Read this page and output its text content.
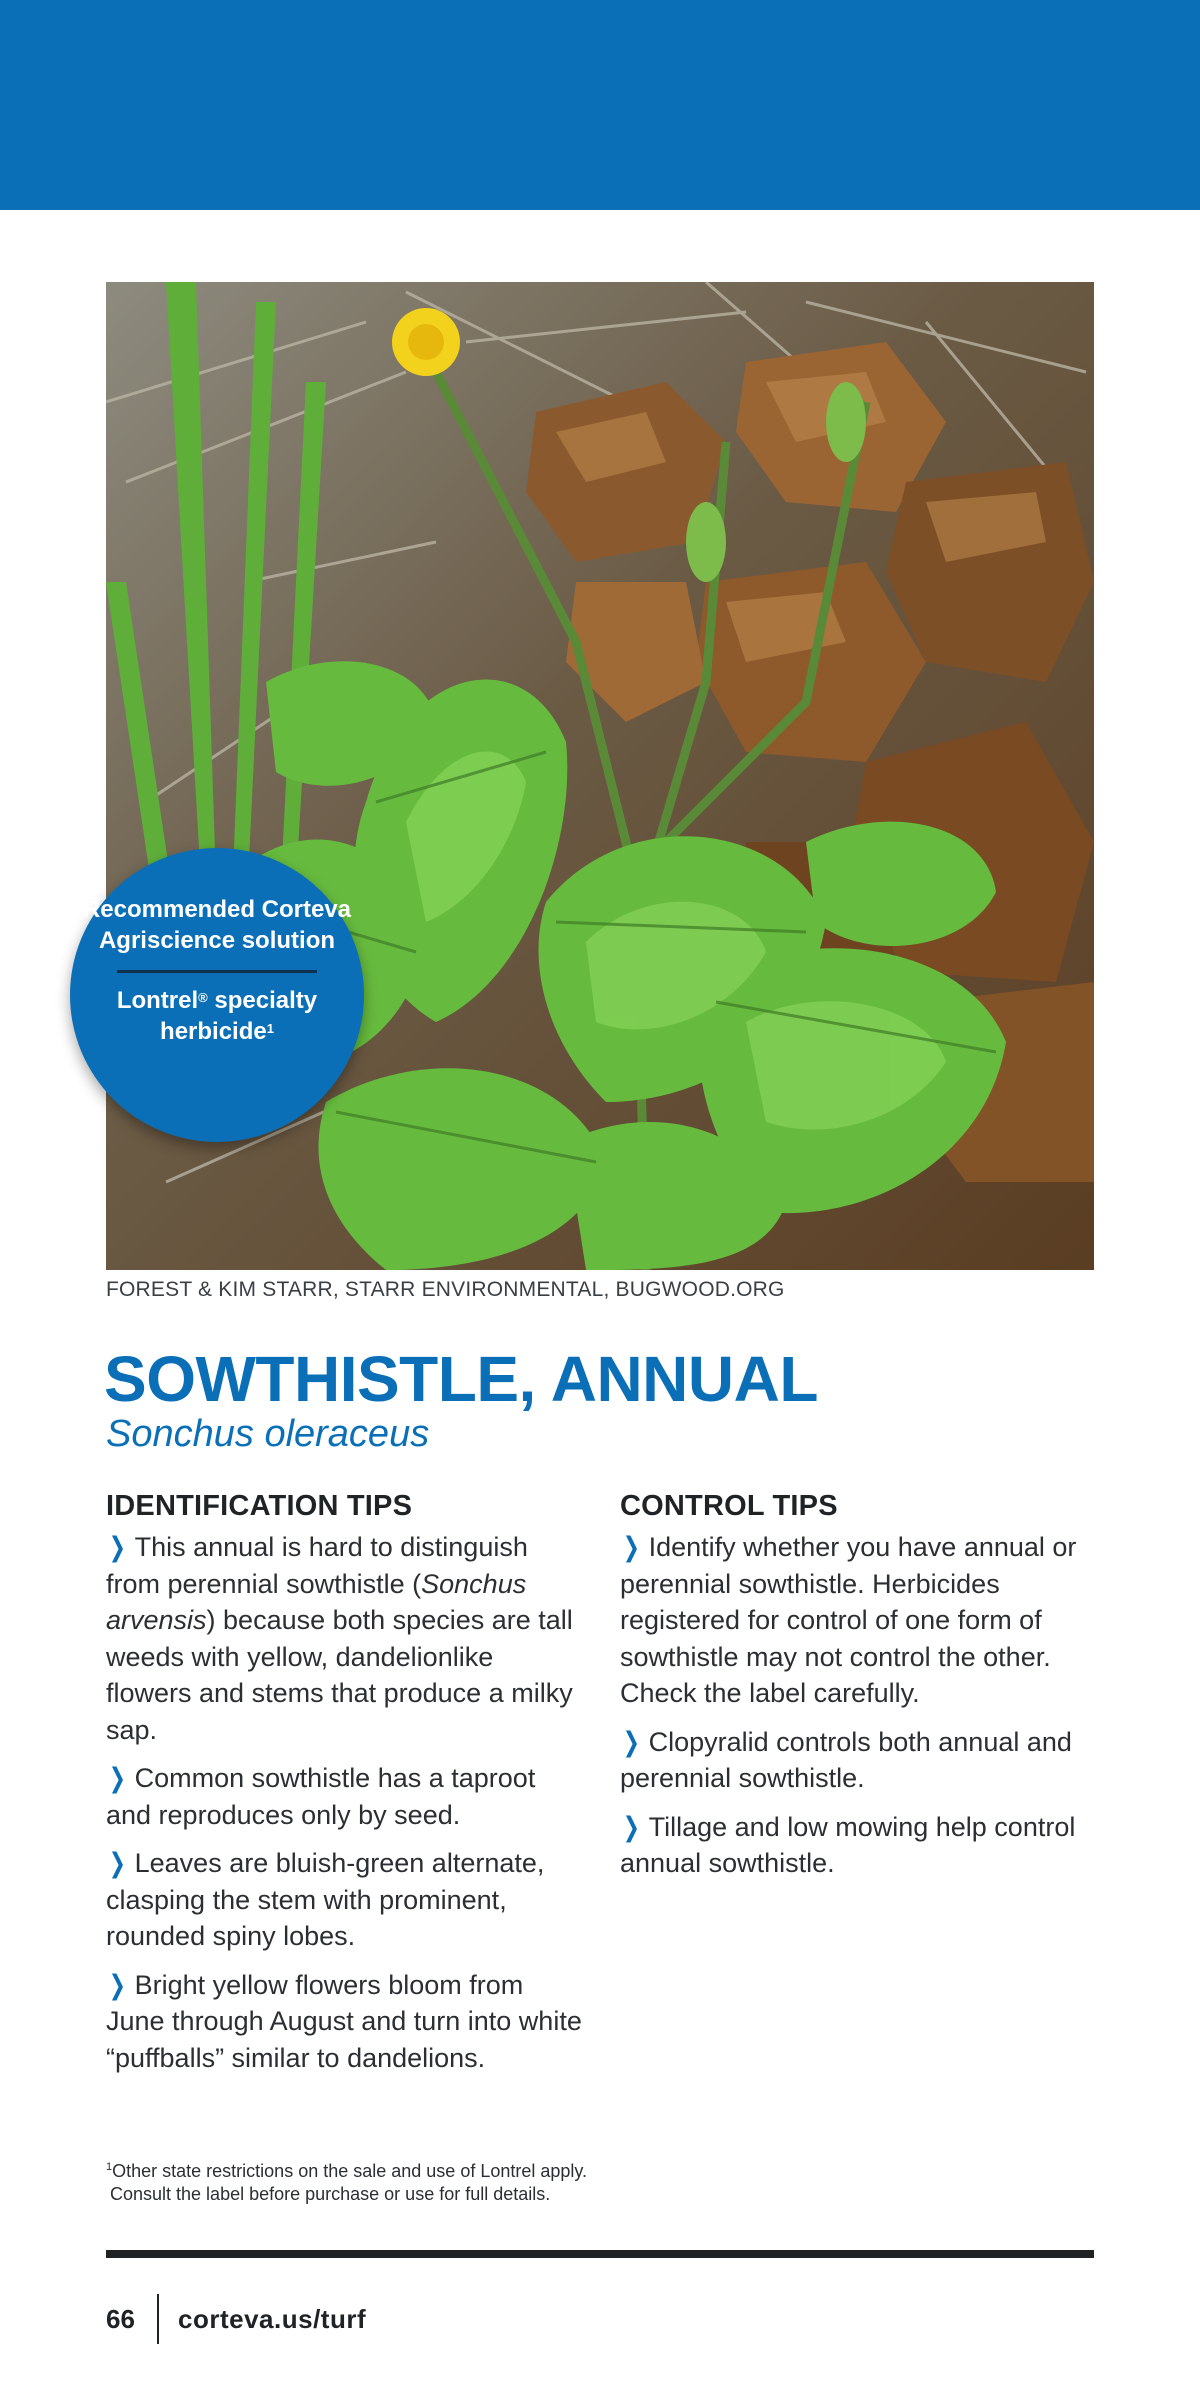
Recommended Corteva Agriscience solution
Lontrel® specialty herbicide$^1$
FOREST & KIM STARR, STARR ENVIRONMENTAL, BUGWOOD.ORG
SOWTHISTLE, ANNUAL
Sonchus oleraceus
IDENTIFICATION TIPS

❯ This annual is hard to distinguish from perennial sowthistle (Sonchus arvensis) because both species are tall weeds with yellow, dandelionlike flowers and stems that produce a milky sap.

❯ Common sowthistle has a taproot and reproduces only by seed.

❯ Leaves are bluish-green alternate, clasping the stem with prominent, rounded spiny lobes.

❯ Bright yellow flowers bloom from June through August and turn into white “puffballs” similar to dandelions.

CONTROL TIPS

❯ Identify whether you have annual or perennial sowthistle. Herbicides registered for control of one form of sowthistle may not control the other. Check the label carefully.

❯ Clopyralid controls both annual and perennial sowthistle.

❯ Tillage and low mowing help control annual sowthistle.

$^1$Other state restrictions on the sale and use of Lontrel apply.
Consult the label before purchase or use for full details.
66 corteva.us/turf
